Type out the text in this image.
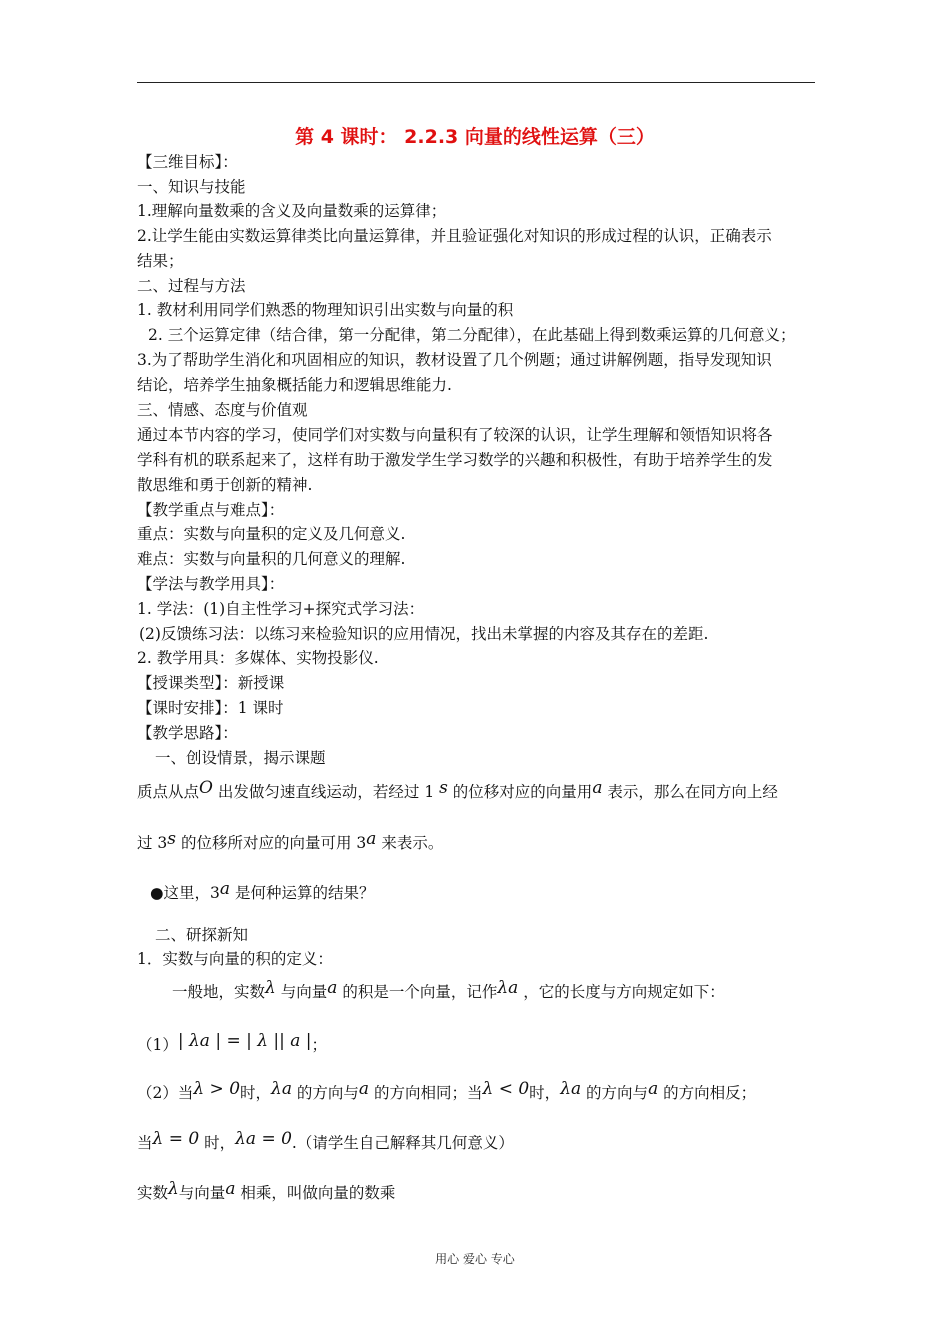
第 4 课时： 2.2.3 向量的线性运算（三）
【三维目标】：
一、知识与技能
1.理解向量数乘的含义及向量数乘的运算律；
2.让学生能由实数运算律类比向量运算律，并且验证强化对知识的形成过程的认识，正确表示
结果；
二、过程与方法
1. 教材利用同学们熟悉的物理知识引出实数与向量的积
2. 三个运算定律（结合律，第一分配律，第二分配律），在此基础上得到数乘运算的几何意义；
3.为了帮助学生消化和巩固相应的知识，教材设置了几个例题；通过讲解例题，指导发现知识
结论，培养学生抽象概括能力和逻辑思维能力.
三、情感、态度与价值观
通过本节内容的学习，使同学们对实数与向量积有了较深的认识，让学生理解和领悟知识将各
学科有机的联系起来了，这样有助于激发学生学习数学的兴趣和积极性，有助于培养学生的发
散思维和勇于创新的精神.
【教学重点与难点】：
重点：实数与向量积的定义及几何意义.
难点：实数与向量积的几何意义的理解.
【学法与教学用具】：
1. 学法：(1)自主性学习+探究式学习法：
(2)反馈练习法：以练习来检验知识的应用情况，找出未掌握的内容及其存在的差距.
2. 教学用具：多媒体、实物投影仪.
【授课类型】：新授课
【课时安排】：1 课时
【教学思路】：
一、创设情景，揭示课题
质点从点O 出发做匀速直线运动，若经过 1 s 的位移对应的向量用a 表示，那么在同方向上经
过 3s 的位移所对应的向量可用 3a 来表示。
●这里，3a 是何种运算的结果？
二、研探新知
1．实数与向量的积的定义：
一般地，实数λ 与向量a 的积是一个向量，记作λa ，它的长度与方向规定如下：
（1）| λa | = | λ || a |；
（2）当λ > 0时，λa 的方向与a 的方向相同；当λ < 0时，λa 的方向与a 的方向相反；
当λ = 0 时，λa = 0.（请学生自己解释其几何意义）
实数λ与向量a 相乘，叫做向量的数乘
用心 爱心 专心
